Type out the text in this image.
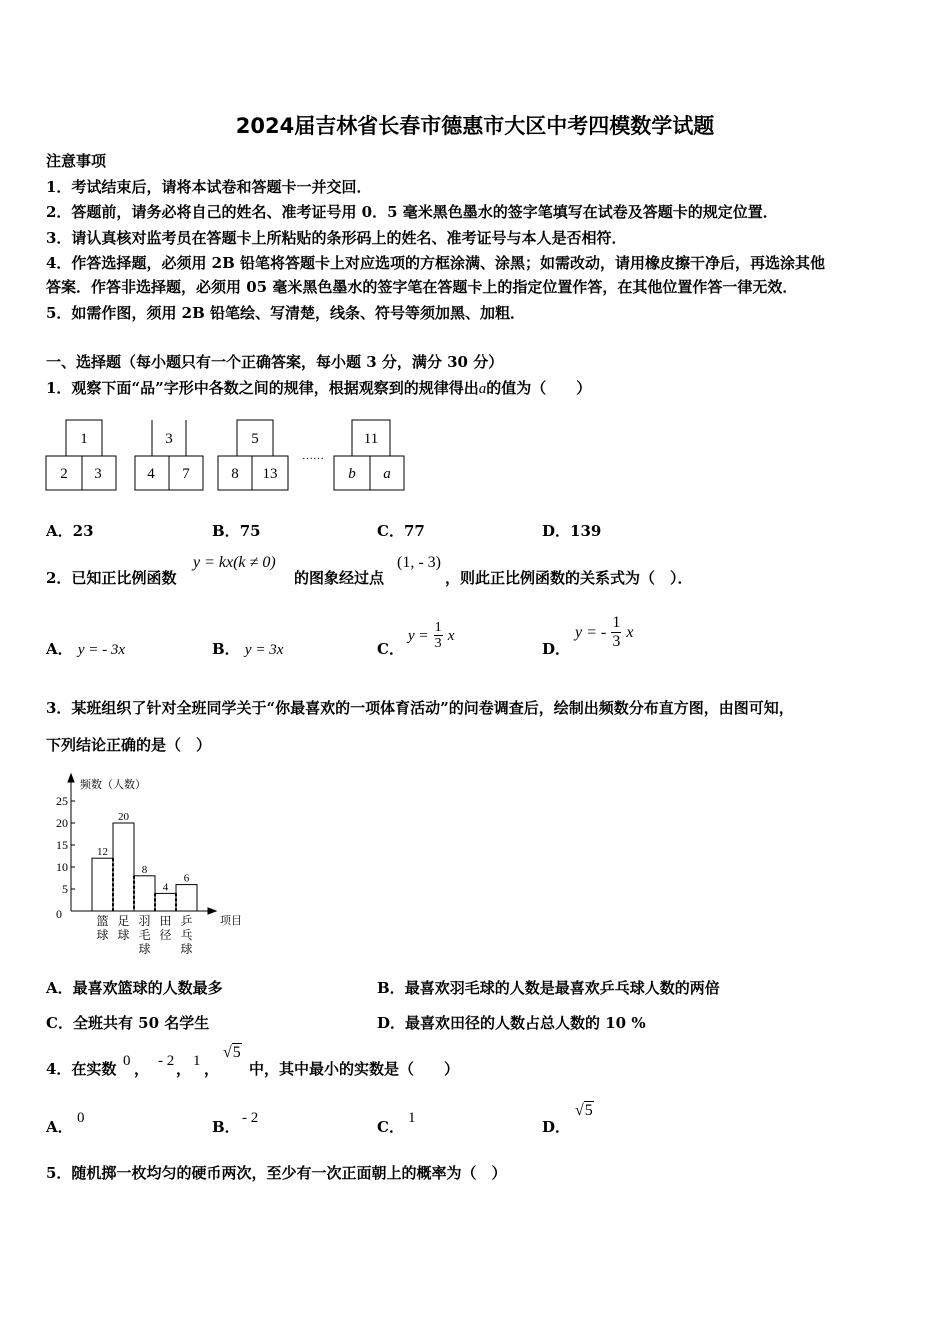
2024届吉林省长春市德惠市大区中考四模数学试题
注意事项
1．考试结束后，请将本试卷和答题卡一并交回．
2．答题前，请务必将自己的姓名、准考证号用 0．5 毫米黑色墨水的签字笔填写在试卷及答题卡的规定位置．
3．请认真核对监考员在答题卡上所粘贴的条形码上的姓名、准考证号与本人是否相符．
4．作答选择题，必须用 2B 铅笔将答题卡上对应选项的方框涂满、涂黑；如需改动，请用橡皮擦干净后，再选涂其他
答案．作答非选择题，必须用 05 毫米黑色墨水的签字笔在答题卡上的指定位置作答，在其他位置作答一律无效．
5．如需作图，须用 2B 铅笔绘、写清楚，线条、符号等须加黑、加粗．
一、选择题（每小题只有一个正确答案，每小题 3 分，满分 30 分）
1．观察下面“品”字形中各数之间的规律，根据观察到的规律得出a的值为（　　）
1
2 3
3
4 7
5
8 13
11
b a
……
A．23	B．75	C．77	D．139
2．已知正比例函数
y = kx(k ≠ 0)
的图象经过点
(1, - 3)
，则此正比例函数的关系式为（　）．
A． y = - 3x	B． y = 3x	C．
$y = \frac{1}{3}$ x
D．
y = - $\frac{1}{3}$ x
3．某班组织了针对全班同学关于“你最喜欢的一项体育活动”的问卷调查后，绘制出频数分布直方图，由图可知，
下列结论正确的是（　）
频数（人数）
项目
0
5
10
15
20
25
12
20
8
4
6
篮球
足球
羽毛球
田径
乒乓球
A．最喜欢篮球的人数最多	B．最喜欢羽毛球的人数是最喜欢乒乓球人数的两倍
C．全班共有 50 名学生	D．最喜欢田径的人数占总人数的 10 %
4．在实数 0 ， - 2 ， 1 ，
√5
中，其中最小的实数是（　　）
A． 0	B． - 2	C． 1	D．
√5
5．随机掷一枚均匀的硬币两次，至少有一次正面朝上的概率为（　）
